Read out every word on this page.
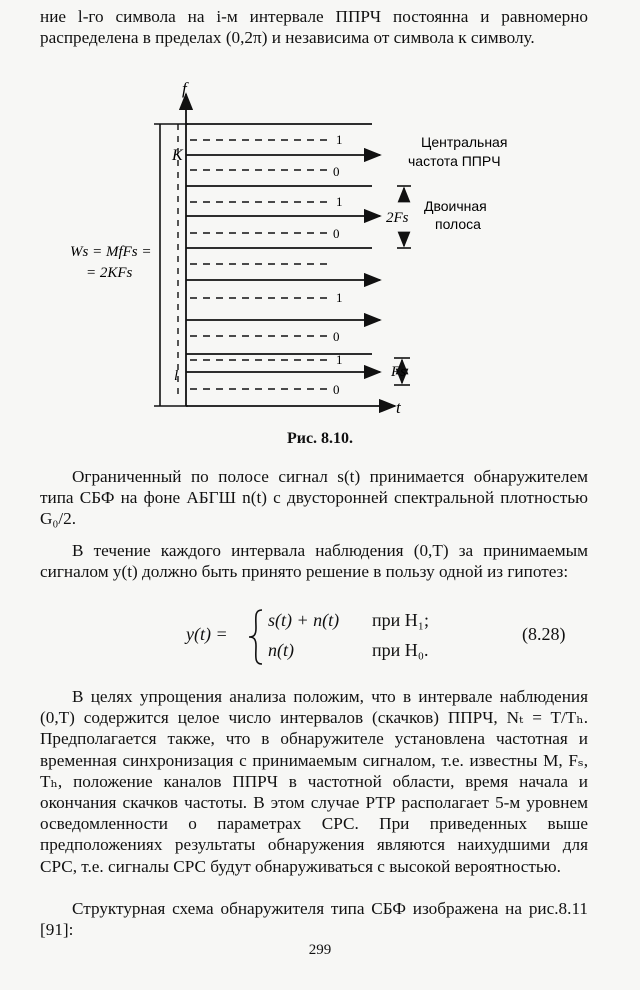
ние l-го символа на i-м интервале ППРЧ постоянна и равномерно распределена в пределах (0,2π) и независима от символа к символу.
f
t
K
l
1
0
1
0
1
0
1
0
Центральная
частота ППРЧ
Двоичная
полоса
2Fs
Fs
Ws = MfFs =
= 2KFs
Рис. 8.10.
Ограниченный по полосе сигнал s(t) принимается обнаружителем типа СБФ на фоне АБГШ n(t) с двусторонней спектральной плотностью G₀/2.
В течение каждого интервала наблюдения (0,T) за принимаемым сигналом y(t) должно быть принято решение в пользу одной из гипотез:
y(t) =
s(t) + n(t) при H₁;
n(t)	при H₀.
(8.28)
В целях упрощения анализа положим, что в интервале наблюдения (0,T) содержится целое число интервалов (скачков) ППРЧ, Nₜ = T/Tₕ. Предполагается также, что в обнаружителе установлена частотная и временная синхронизация с принимаемым сигналом, т.е. известны M, Fₛ, Tₕ, положение каналов ППРЧ в частотной области, время начала и окончания скачков частоты. В этом случае РТР располагает 5-м уровнем осведомленности о параметрах СРС. При приведенных выше предположениях результаты обнаружения являются наихудшими для СРС, т.е. сигналы СРС будут обнаруживаться с высокой вероятностью.
Структурная схема обнаружителя типа СБФ изображена на рис.8.11 [91]:
299
